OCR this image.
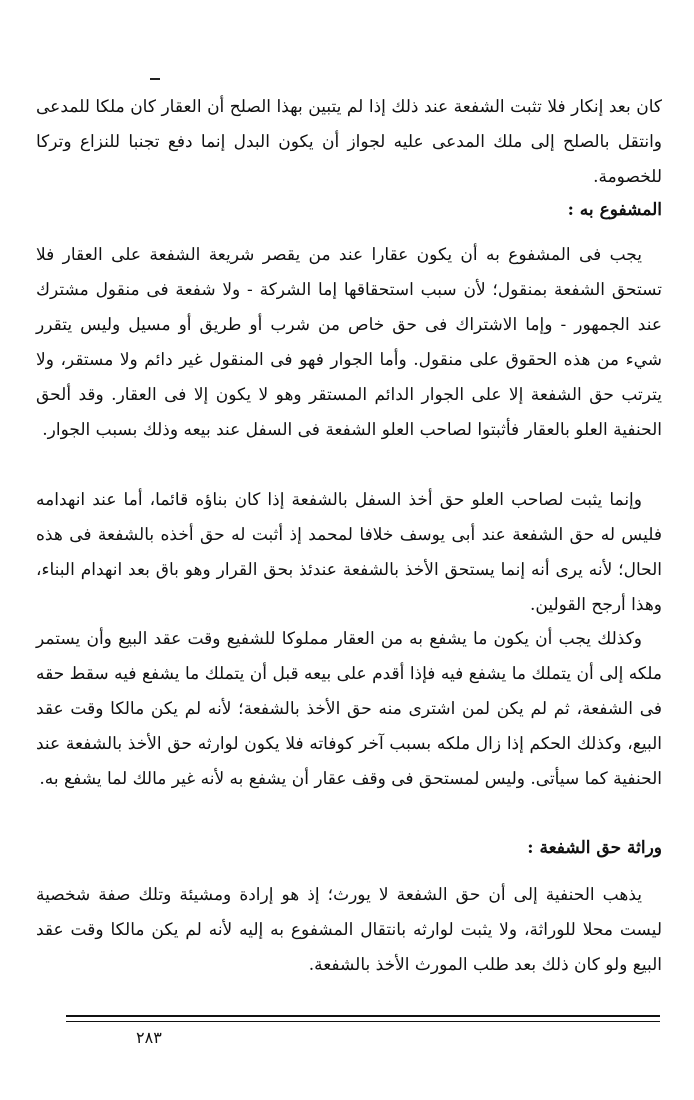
كان بعد إنكار فلا تثبت الشفعة عند ذلك إذا لم يتبين بهذا الصلح أن العقار كان ملكا للمدعى وانتقل بالصلح إلى ملك المدعى عليه لجواز أن يكون البدل إنما دفع تجنبا للنزاع وتركا للخصومة.

المشفوع به :

يجب فى المشفوع به أن يكون عقارا عند من يقصر شريعة الشفعة على العقار فلا تستحق الشفعة بمنقول؛ لأن سبب استحقاقها إما الشركة - ولا شفعة فى منقول مشترك عند الجمهور - وإما الاشتراك فى حق خاص من شرب أو طريق أو مسيل وليس يتقرر شيء من هذه الحقوق على منقول. وأما الجوار فهو فى المنقول غير دائم ولا مستقر، ولا يترتب حق الشفعة إلا على الجوار الدائم المستقر وهو لا يكون إلا فى العقار. وقد ألحق الحنفية العلو بالعقار فأثبتوا لصاحب العلو الشفعة فى السفل عند بيعه وذلك بسبب الجوار.

وإنما يثبت لصاحب العلو حق أخذ السفل بالشفعة إذا كان بناؤه قائما، أما عند انهدامه فليس له حق الشفعة عند أبى يوسف خلافا لمحمد إذ أثبت له حق أخذه بالشفعة فى هذه الحال؛ لأنه يرى أنه إنما يستحق الأخذ بالشفعة عندئذ بحق القرار وهو باق بعد انهدام البناء، وهذا أرجح القولين.

وكذلك يجب أن يكون ما يشفع به من العقار مملوكا للشفيع وقت عقد البيع وأن يستمر ملكه إلى أن يتملك ما يشفع فيه فإذا أقدم على بيعه قبل أن يتملك ما يشفع فيه سقط حقه فى الشفعة، ثم لم يكن لمن اشترى منه حق الأخذ بالشفعة؛ لأنه لم يكن مالكا وقت عقد البيع، وكذلك الحكم إذا زال ملكه بسبب آخر كوفاته فلا يكون لوارثه حق الأخذ بالشفعة عند الحنفية كما سيأتى. وليس لمستحق فى وقف عقار أن يشفع به لأنه غير مالك لما يشفع به.

وراثة حق الشفعة :

يذهب الحنفية إلى أن حق الشفعة لا يورث؛ إذ هو إرادة ومشيئة وتلك صفة شخصية ليست محلا للوراثة، ولا يثبت لوارثه بانتقال المشفوع به إليه لأنه لم يكن مالكا وقت عقد البيع ولو كان ذلك بعد طلب المورث الأخذ بالشفعة.

٢٨٣
